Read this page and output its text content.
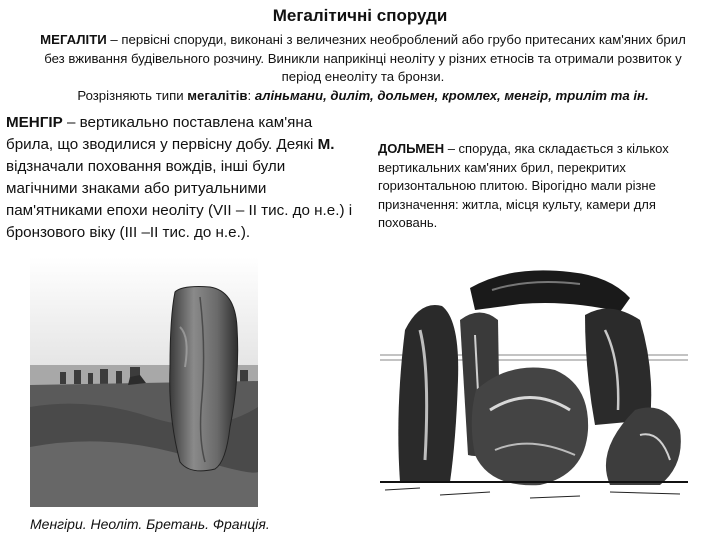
Мегалітичні споруди
МЕГАЛІТИ – первісні споруди, виконані з величезних необроблений або грубо притесаних кам'яних брил без вживання будівельного розчину. Виникли наприкінці неоліту у різних етносів та отримали розвиток у період енеоліту та бронзи.
Розрізняють типи мегалітів: аліньмани, диліт, дольмен, кромлех, менгір, триліт та ін.
МЕНГІР – вертикально поставлена кам'яна брила, що зводилися у первісну добу. Деякі М. відзначали поховання вождів, інші були магічними знаками або ритуальними пам'ятниками епохи неоліту (VII – II тис. до н.е.) і бронзового віку (III –II тис. до н.е.).
ДОЛЬМЕН – споруда, яка складається з кількох вертикальних кам'яних брил, перекритих горизонтальною плитою. Вірогідно мали різне призначення: житла, місця культу, камери для поховань.
Менгіри. Неоліт. Бретань. Франція.
